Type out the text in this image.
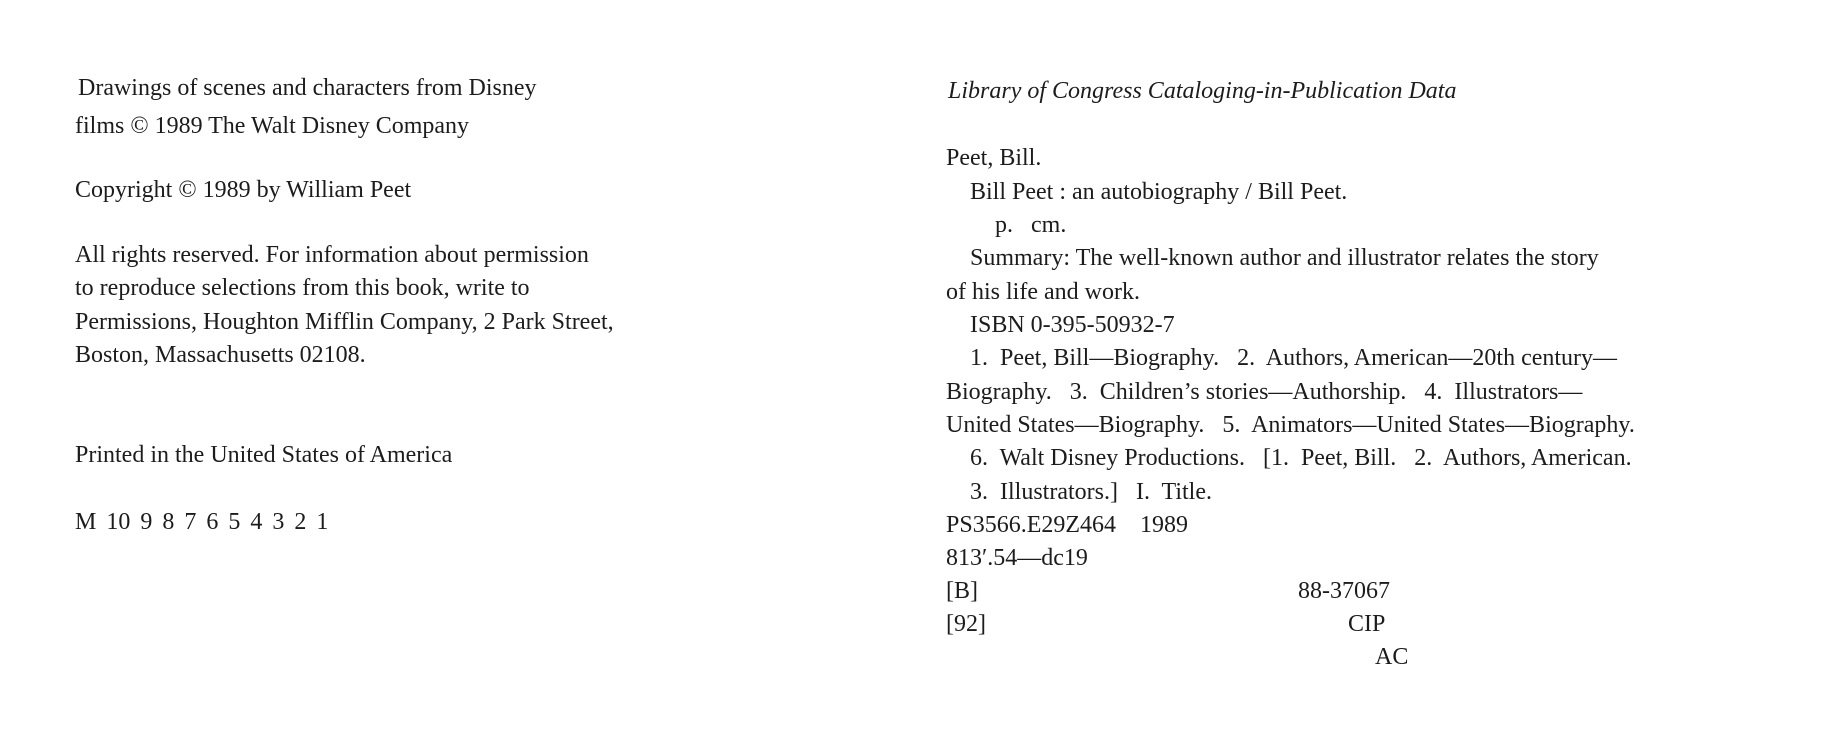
Drawings of scenes and characters from Disney

films © 1989 The Walt Disney Company

Copyright © 1989 by William Peet

All rights reserved. For information about permission

to reproduce selections from this book, write to

Permissions, Houghton Mifflin Company, 2 Park Street,

Boston, Massachusetts 02108.

Printed in the United States of America

M 10 9 8 7 6 5 4 3 2 1

Library of Congress Cataloging-in-Publication Data

Peet, Bill.

Bill Peet : an autobiography / Bill Peet.

p.   cm.

Summary: The well-known author and illustrator relates the story

of his life and work.

ISBN 0-395-50932-7

1.  Peet, Bill—Biography.   2.  Authors, American—20th century—

Biography.   3.  Children’s stories—Authorship.   4.  Illustrators—

United States—Biography.   5.  Animators—United States—Biography.

6.  Walt Disney Productions.   [1.  Peet, Bill.   2.  Authors, American.

3.  Illustrators.]   I.  Title.

PS3566.E29Z464    1989

813′.54—dc19

[B]	88-37067
[92]	CIP
AC
